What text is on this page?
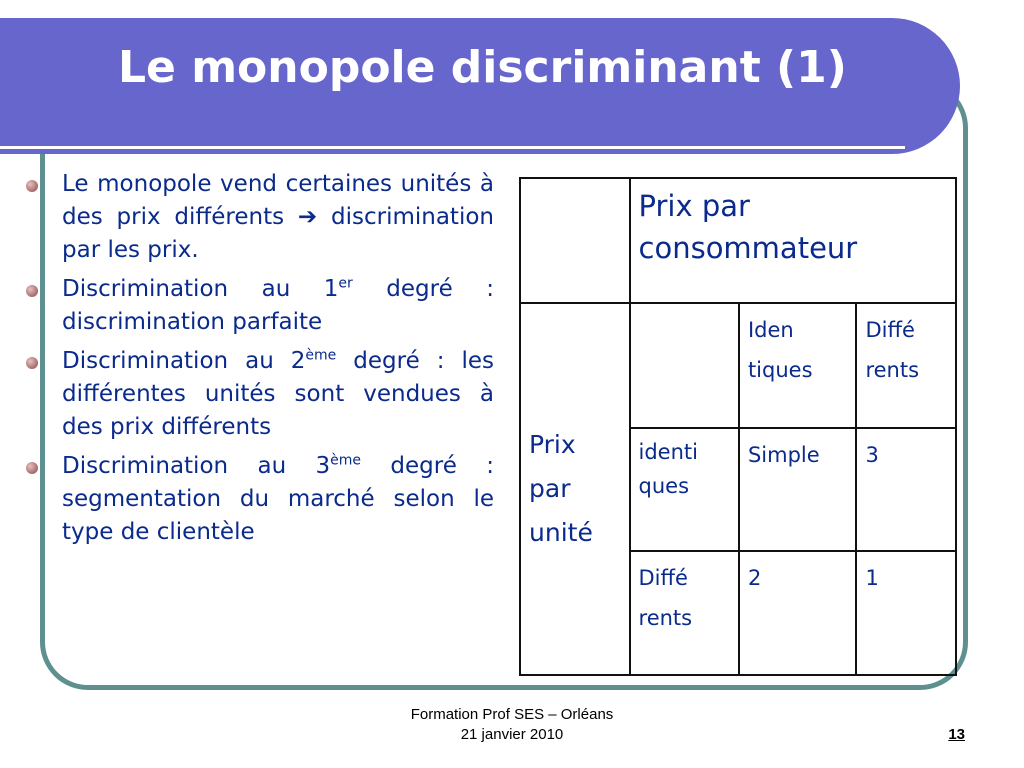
Le monopole discriminant (1)
Le monopole vend certaines unités à des prix différents ➔ discrimination par les prix.
Discrimination au 1er degré : discrimination parfaite
Discrimination au 2ème degré : les différentes unités sont vendues à des prix différents
Discrimination au 3ème degré : segmentation du marché selon le type de clientèle
	Prix par consommateur		
Prix par unité		Iden tiques	Diffé rents
	identi ques	Simple	3
	Diffé rents	2	1
Formation Prof SES – Orléans
21 janvier 2010	13
